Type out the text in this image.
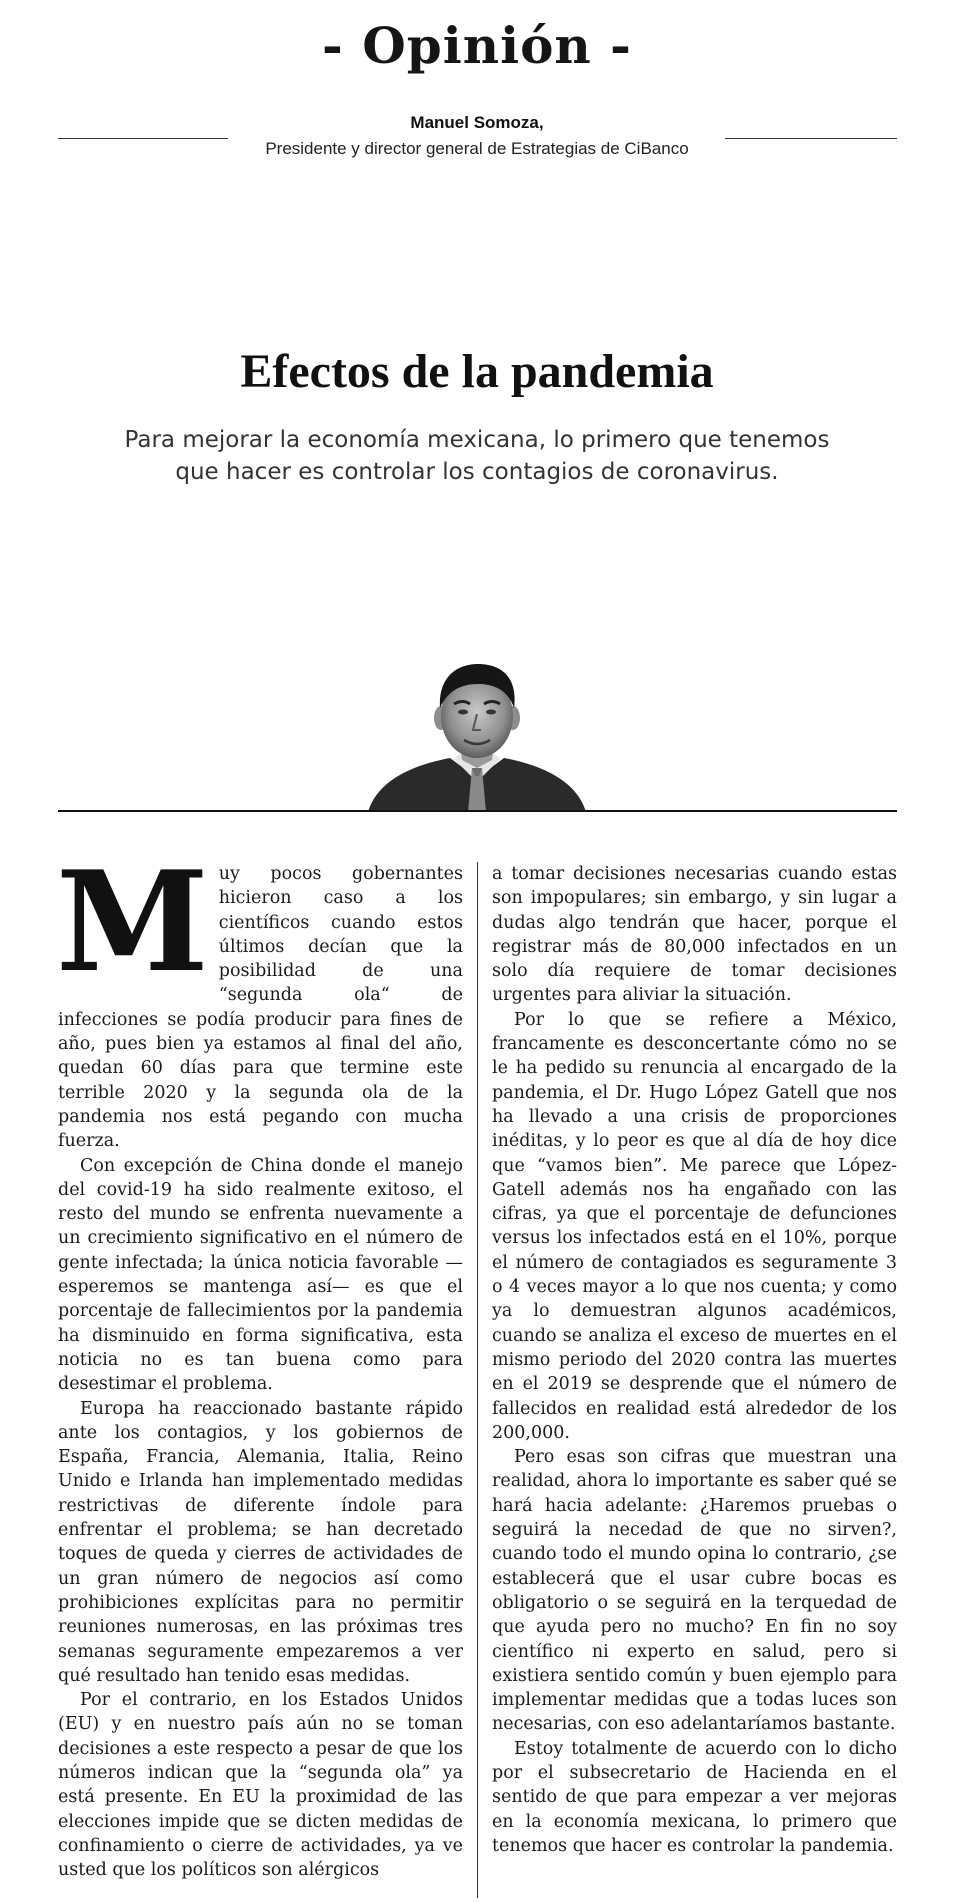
- Opinión -
Manuel Somoza,
Presidente y director general de Estrategias de CiBanco
Efectos de la pandemia

Para mejorar la economía mexicana, lo primero que tenemos que hacer es controlar los contagios de coronavirus.

Muy pocos gobernantes hicieron caso a los científicos cuando estos últimos decían que la posibilidad de una “segunda ola“ de infecciones se podía producir para fines de año, pues bien ya estamos al final del año, quedan 60 días para que termine este terrible 2020 y la segunda ola de la pandemia nos está pegando con mucha fuerza.

Con excepción de China donde el manejo del covid-19 ha sido realmente exitoso, el resto del mundo se enfrenta nuevamente a un crecimiento significativo en el número de gente infectada; la única noticia favorable —esperemos se mantenga así— es que el porcentaje de fallecimientos por la pandemia ha disminuido en forma significativa, esta noticia no es tan buena como para desestimar el problema.

Europa ha reaccionado bastante rápido ante los contagios, y los gobiernos de España, Francia, Alemania, Italia, Reino Unido e Irlanda han implementado medidas restrictivas de diferente índole para enfrentar el problema; se han decretado toques de queda y cierres de actividades de un gran número de negocios así como prohibiciones explícitas para no permitir reuniones numerosas, en las próximas tres semanas seguramente empezaremos a ver qué resultado han tenido esas medidas.

Por el contrario, en los Estados Unidos (EU) y en nuestro país aún no se toman decisiones a este respecto a pesar de que los números indican que la “segunda ola” ya está presente. En EU la proximidad de las elecciones impide que se dicten medidas de confinamiento o cierre de actividades, ya ve usted que los políticos son alérgicos

a tomar decisiones necesarias cuando estas son impopulares; sin embargo, y sin lugar a dudas algo tendrán que hacer, porque el registrar más de 80,000 infectados en un solo día requiere de tomar decisiones urgentes para aliviar la situación.

Por lo que se refiere a México, francamente es desconcertante cómo no se le ha pedido su renuncia al encargado de la pandemia, el Dr. Hugo López Gatell que nos ha llevado a una crisis de proporciones inéditas, y lo peor es que al día de hoy dice que “vamos bien”. Me parece que López-Gatell además nos ha engañado con las cifras, ya que el porcentaje de defunciones versus los infectados está en el 10%, porque el número de contagiados es seguramente 3 o 4 veces mayor a lo que nos cuenta; y como ya lo demuestran algunos académicos, cuando se analiza el exceso de muertes en el mismo periodo del 2020 contra las muertes en el 2019 se desprende que el número de fallecidos en realidad está alrededor de los 200,000.

Pero esas son cifras que muestran una realidad, ahora lo importante es saber qué se hará hacia adelante: ¿Haremos pruebas o seguirá la necedad de que no sirven?, cuando todo el mundo opina lo contrario, ¿se establecerá que el usar cubre bocas es obligatorio o se seguirá en la terquedad de que ayuda pero no mucho? En fin no soy científico ni experto en salud, pero si existiera sentido común y buen ejemplo para implementar medidas que a todas luces son necesarias, con eso adelantaríamos bastante.

Estoy totalmente de acuerdo con lo dicho por el subsecretario de Hacienda en el sentido de que para empezar a ver mejoras en la economía mexicana, lo primero que tenemos que hacer es controlar la pandemia.
